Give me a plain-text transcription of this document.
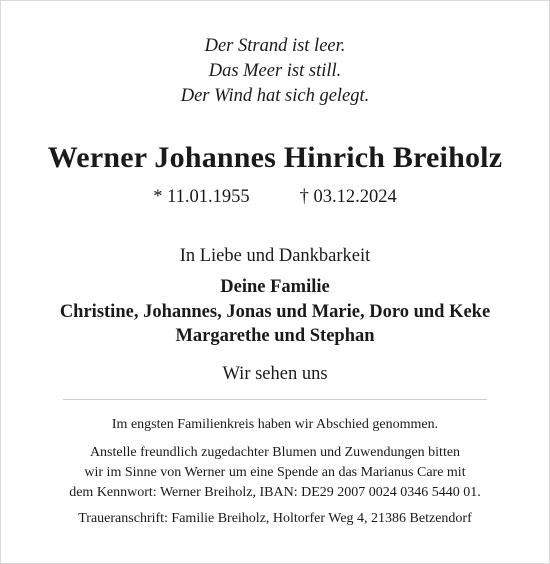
Der Strand ist leer.
Das Meer ist still.
Der Wind hat sich gelegt.
Werner Johannes Hinrich Breiholz
* 11.01.1955	† 03.12.2024
In Liebe und Dankbarkeit
Deine Familie
Christine, Johannes, Jonas und Marie, Doro und Keke
Margarethe und Stephan
Wir sehen uns
Im engsten Familienkreis haben wir Abschied genommen.
Anstelle freundlich zugedachter Blumen und Zuwendungen bitten
wir im Sinne von Werner um eine Spende an das Marianus Care mit
dem Kennwort: Werner Breiholz, IBAN: DE29 2007 0024 0346 5440 01.
Traueranschrift: Familie Breiholz, Holtorfer Weg 4, 21386 Betzendorf
